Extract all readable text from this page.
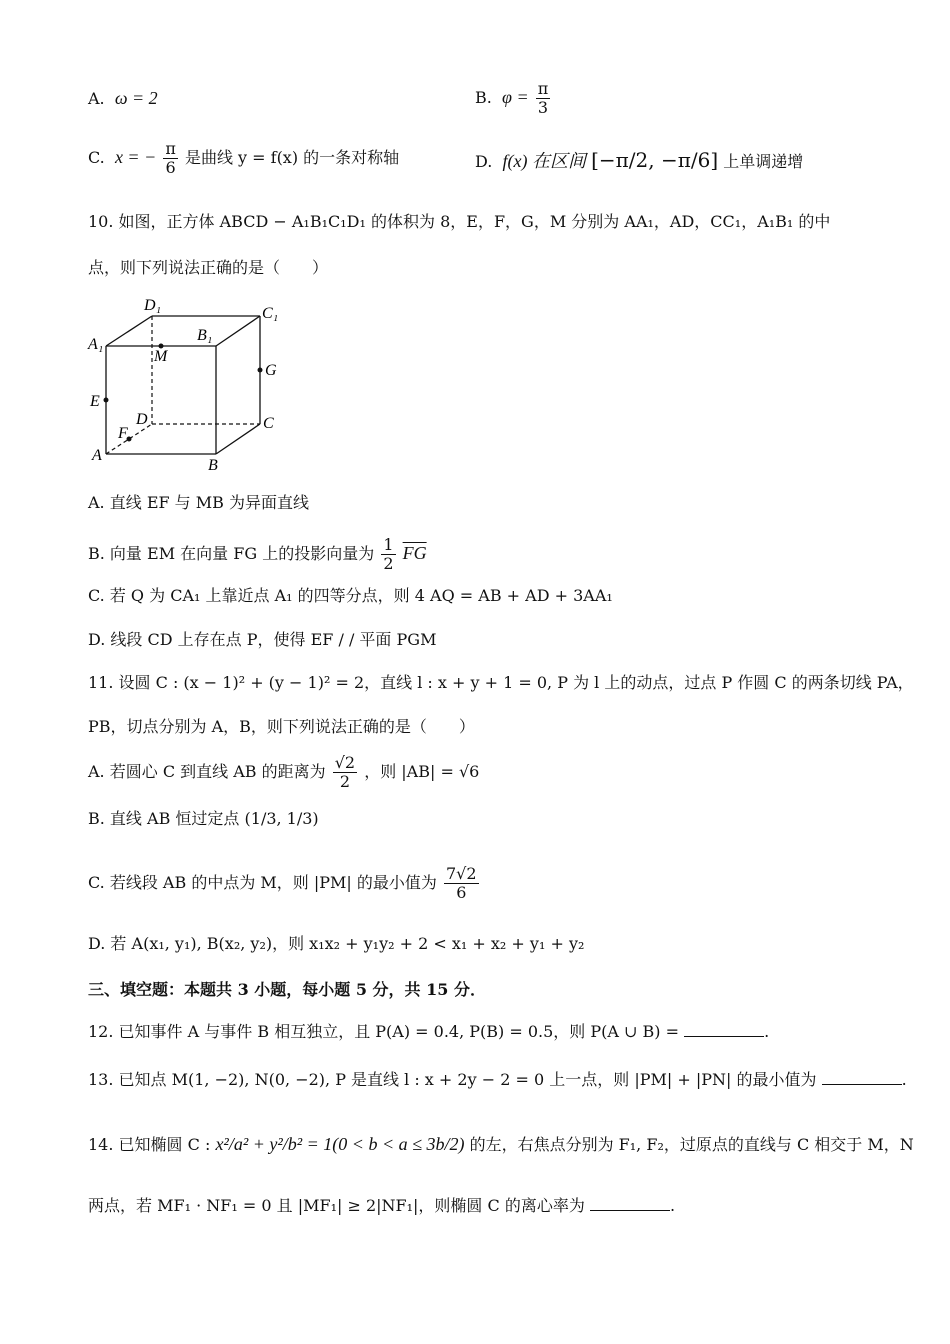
A. ω = 2	B. $\varphi = \frac{\pi}{3}$
C. x = − $\frac{\pi}{6}$ 是曲线 y = f(x) 的一条对称轴	D. f(x) 在区间 [−π/2, −π/6] 上单调递增
10. 如图，正方体 ABCD − A₁B₁C₁D₁ 的体积为 8，E，F，G，M 分别为 AA₁，AD，CC₁，A₁B₁ 的中
点，则下列说法正确的是（　　）
D₁	C₁
A₁
B₁
M
G
E
D	C
F
A
B
A. 直线 EF 与 MB 为异面直线
B. 向量 EM 在向量 FG 上的投影向量为 $\frac{1}{2} \overline{FG}$
C. 若 Q 为 CA₁ 上靠近点 A₁ 的四等分点，则 4 AQ = AB + AD + 3AA₁
D. 线段 CD 上存在点 P，使得 EF / / 平面 PGM
11. 设圆 C : (x − 1)² + (y − 1)² = 2，直线 l : x + y + 1 = 0, P 为 l 上的动点，过点 P 作圆 C 的两条切线 PA，
PB，切点分别为 A，B，则下列说法正确的是（　　）
A. 若圆心 C 到直线 AB 的距离为 $\frac{√2}{2}$ ，则 |AB| = √6
B. 直线 AB 恒过定点 (1/3, 1/3)
C. 若线段 AB 的中点为 M，则 |PM| 的最小值为 $\frac{7√2}{6}$
D. 若 A(x₁, y₁), B(x₂, y₂)，则 x₁x₂ + y₁y₂ + 2 < x₁ + x₂ + y₁ + y₂
三、填空题：本题共 3 小题，每小题 5 分，共 15 分．
12. 已知事件 A 与事件 B 相互独立，且 P(A) = 0.4, P(B) = 0.5，则 P(A ∪ B) =	.
13. 已知点 M(1, −2), N(0, −2), P 是直线 l : x + 2y − 2 = 0 上一点，则 |PM| + |PN| 的最小值为	.
14. 已知椭圆 C : x²/a² + y²/b² = 1(0 < b < a ≤ 3b/2) 的左，右焦点分别为 F₁, F₂，过原点的直线与 C 相交于 M，N
两点，若 MF₁ · NF₁ = 0 且 |MF₁| ≥ 2|NF₁|，则椭圆 C 的离心率为	.
